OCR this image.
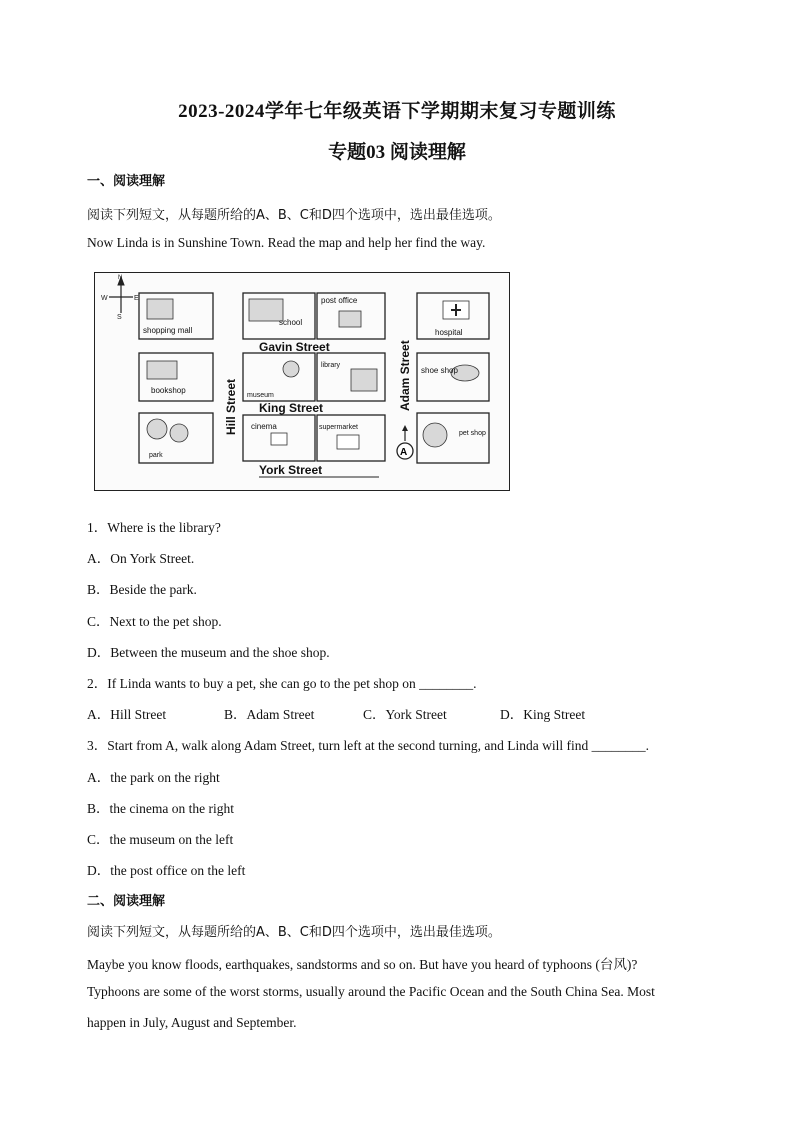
2023-2024学年七年级英语下学期期末复习专题训练
专题03 阅读理解
一、阅读理解
阅读下列短文，从每题所给的A、B、C和D四个选项中，选出最佳选项。
Now Linda is in Sunshine Town. Read the map and help her find the way.
W	E
N
S
shopping mall
school
post office
hospital
bookshop
museum
library
shoe shop
park
cinema	supermarket
pet shop
Gavin Street
King Street
York Street
Hill Street	Adam Street
A
1．Where is the library?
A．On York Street.
B．Beside the park.
C．Next to the pet shop.
D．Between the museum and the shoe shop.
2．If Linda wants to buy a pet, she can go to the pet shop on ________.
A．Hill Street	B．Adam Street	C．York Street	D．King Street
3．Start from A, walk along Adam Street, turn left at the second turning, and Linda will find ________.
A．the park on the right
B．the cinema on the right
C．the museum on the left
D．the post office on the left
二、阅读理解
阅读下列短文，从每题所给的A、B、C和D四个选项中，选出最佳选项。
Maybe you know floods, earthquakes, sandstorms and so on. But have you heard of typhoons (台风)?
Typhoons are some of the worst storms, usually around the Pacific Ocean and the South China Sea. Most
happen in July, August and September.
